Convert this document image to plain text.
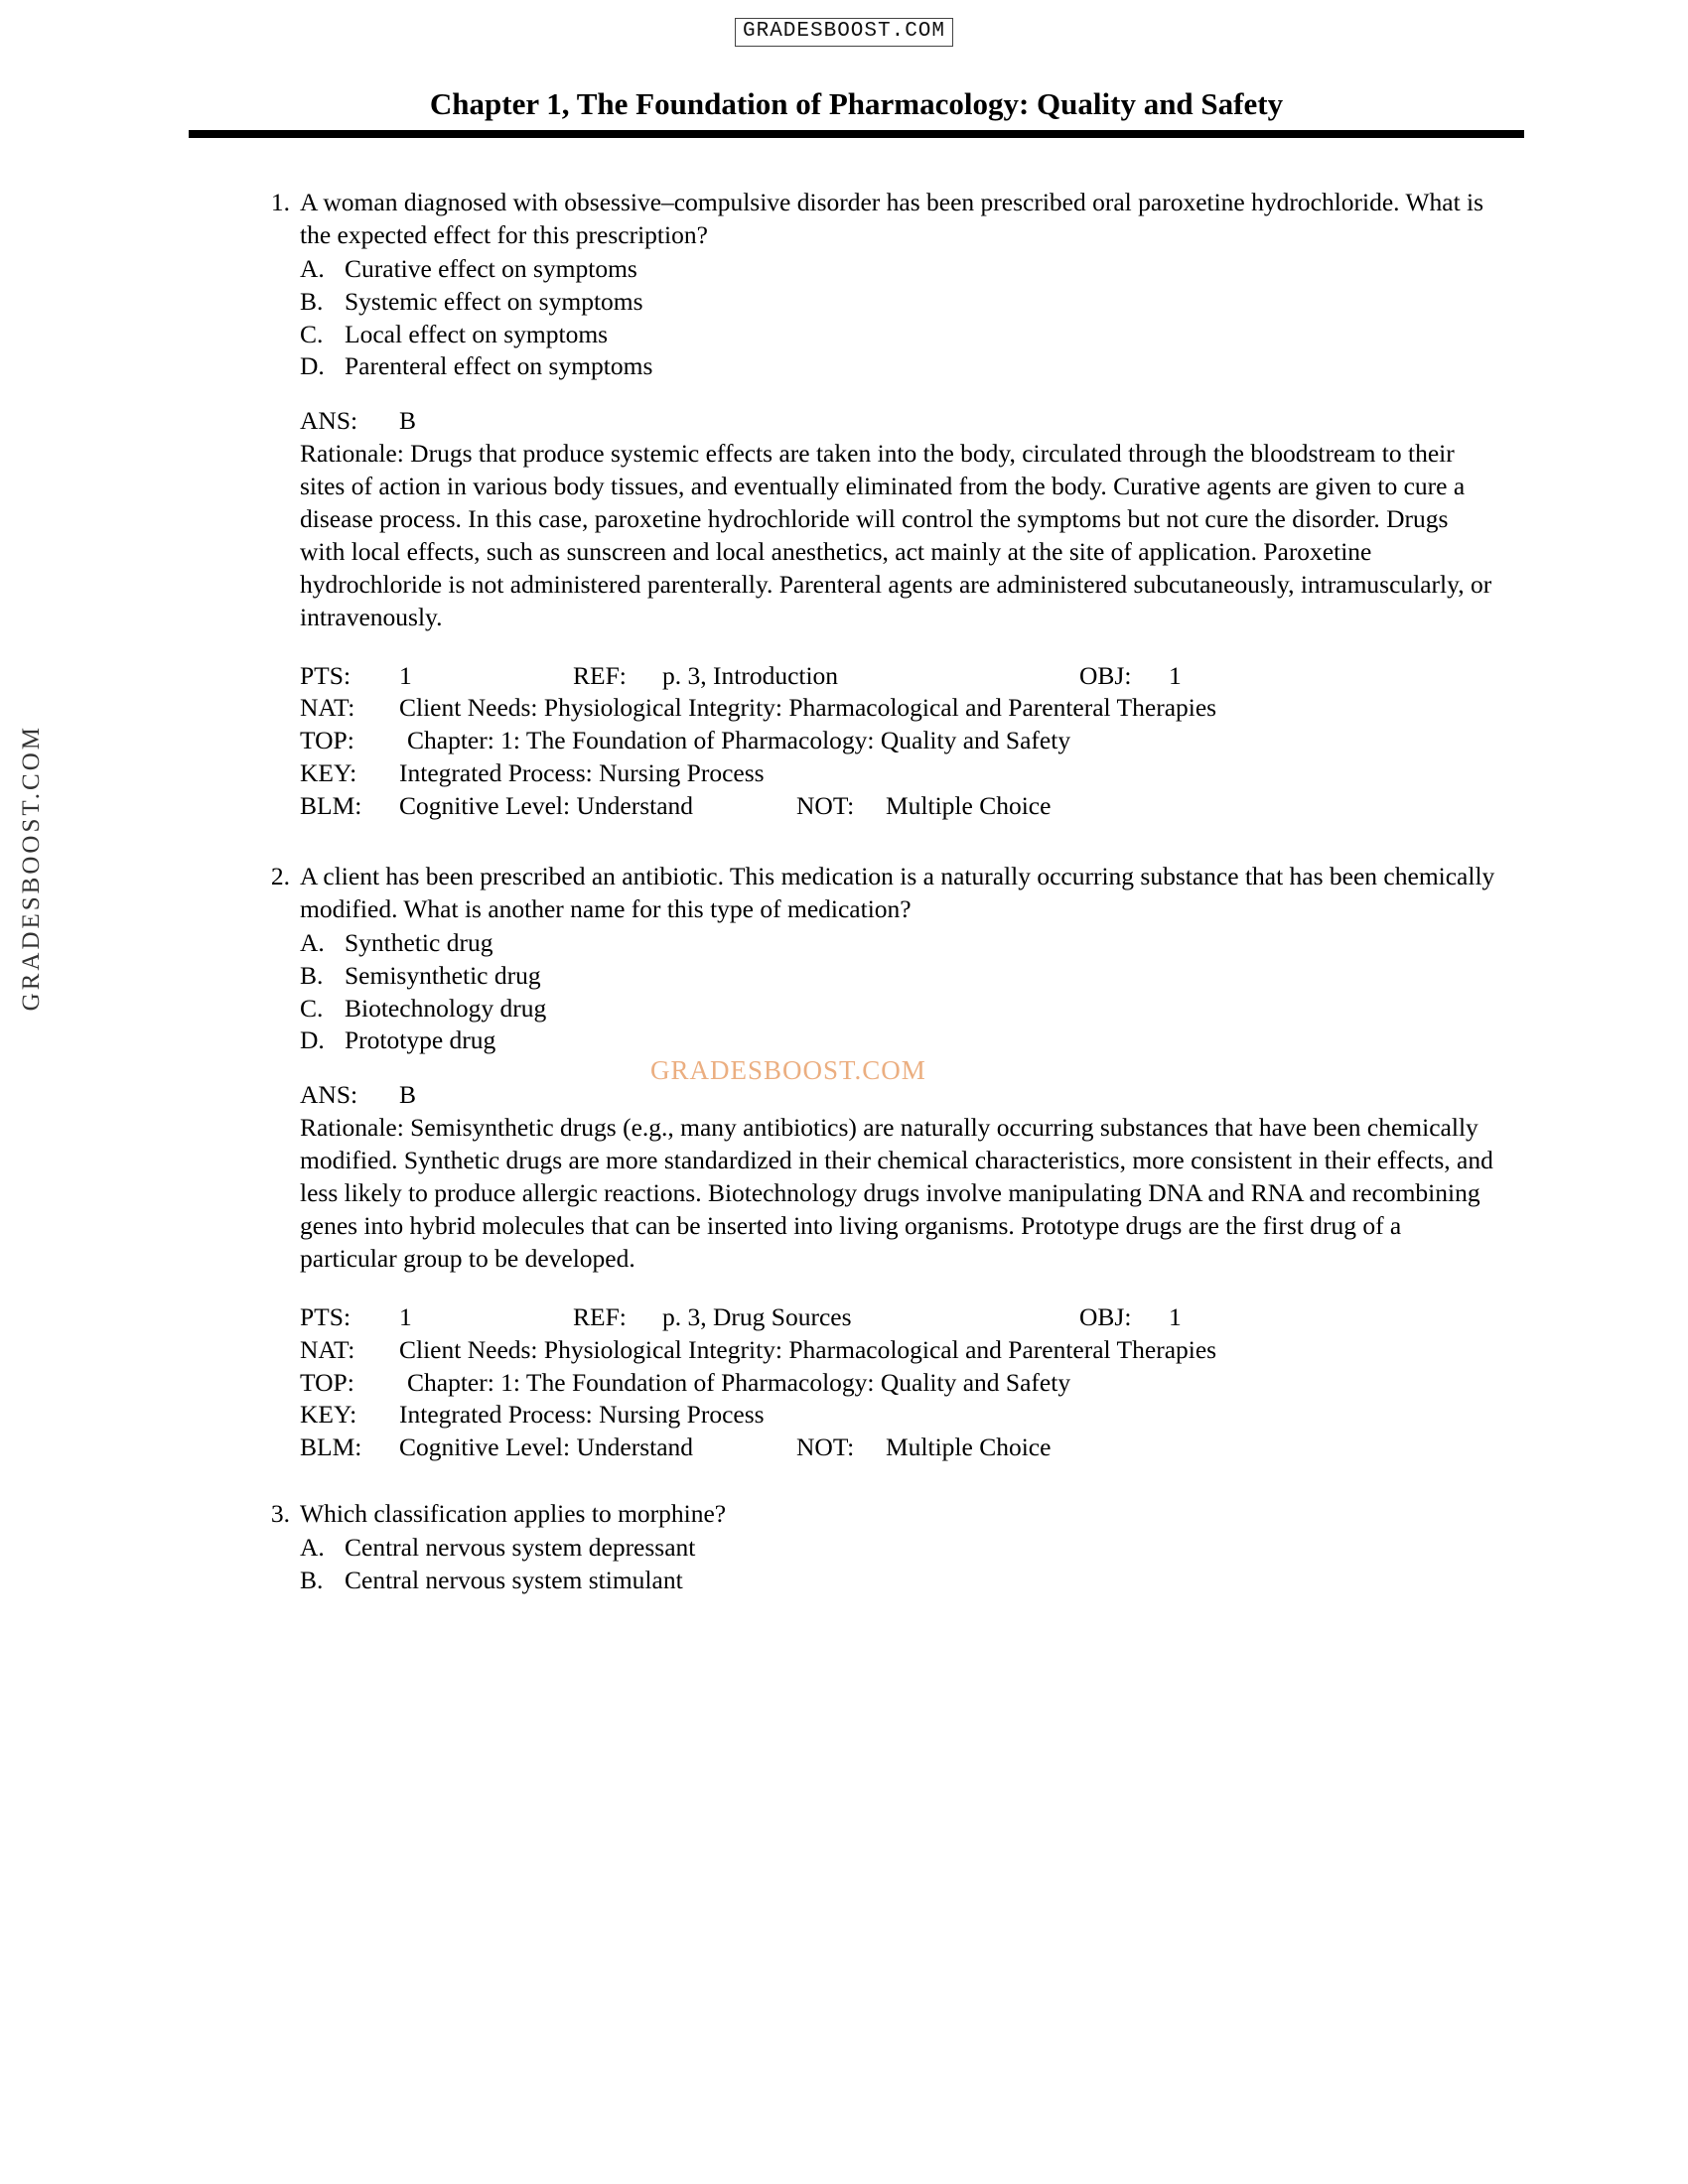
GRADESBOOST.COM
GRADESBOOST.COM
Chapter 1, The Foundation of Pharmacology: Quality and Safety
1. A woman diagnosed with obsessive–compulsive disorder has been prescribed oral paroxetine hydrochloride. What is the expected effect for this prescription?
A. Curative effect on symptoms
B. Systemic effect on symptoms
C. Local effect on symptoms
D. Parenteral effect on symptoms
ANS: B
Rationale: Drugs that produce systemic effects are taken into the body, circulated through the bloodstream to their sites of action in various body tissues, and eventually eliminated from the body. Curative agents are given to cure a disease process. In this case, paroxetine hydrochloride will control the symptoms but not cure the disorder. Drugs with local effects, such as sunscreen and local anesthetics, act mainly at the site of application. Paroxetine hydrochloride is not administered parenterally. Parenteral agents are administered subcutaneously, intramuscularly, or intravenously.
PTS: 1	REF: p. 3, Introduction	OBJ: 1
NAT: Client Needs: Physiological Integrity: Pharmacological and Parenteral Therapies
TOP: Chapter: 1: The Foundation of Pharmacology: Quality and Safety
KEY: Integrated Process: Nursing Process
BLM: Cognitive Level: Understand	NOT: Multiple Choice
2. A client has been prescribed an antibiotic. This medication is a naturally occurring substance that has been chemically modified. What is another name for this type of medication?
A. Synthetic drug
B. Semisynthetic drug
C. Biotechnology drug
D. Prototype drug
ANS: B
Rationale: Semisynthetic drugs (e.g., many antibiotics) are naturally occurring substances that have been chemically modified. Synthetic drugs are more standardized in their chemical characteristics, more consistent in their effects, and less likely to produce allergic reactions. Biotechnology drugs involve manipulating DNA and RNA and recombining genes into hybrid molecules that can be inserted into living organisms. Prototype drugs are the first drug of a particular group to be developed.
PTS: 1	REF: p. 3, Drug Sources	OBJ: 1
NAT: Client Needs: Physiological Integrity: Pharmacological and Parenteral Therapies
TOP: Chapter: 1: The Foundation of Pharmacology: Quality and Safety
KEY: Integrated Process: Nursing Process
BLM: Cognitive Level: Understand	NOT: Multiple Choice
3. Which classification applies to morphine?
A. Central nervous system depressant
B. Central nervous system stimulant
GRADESBOOST.COM
